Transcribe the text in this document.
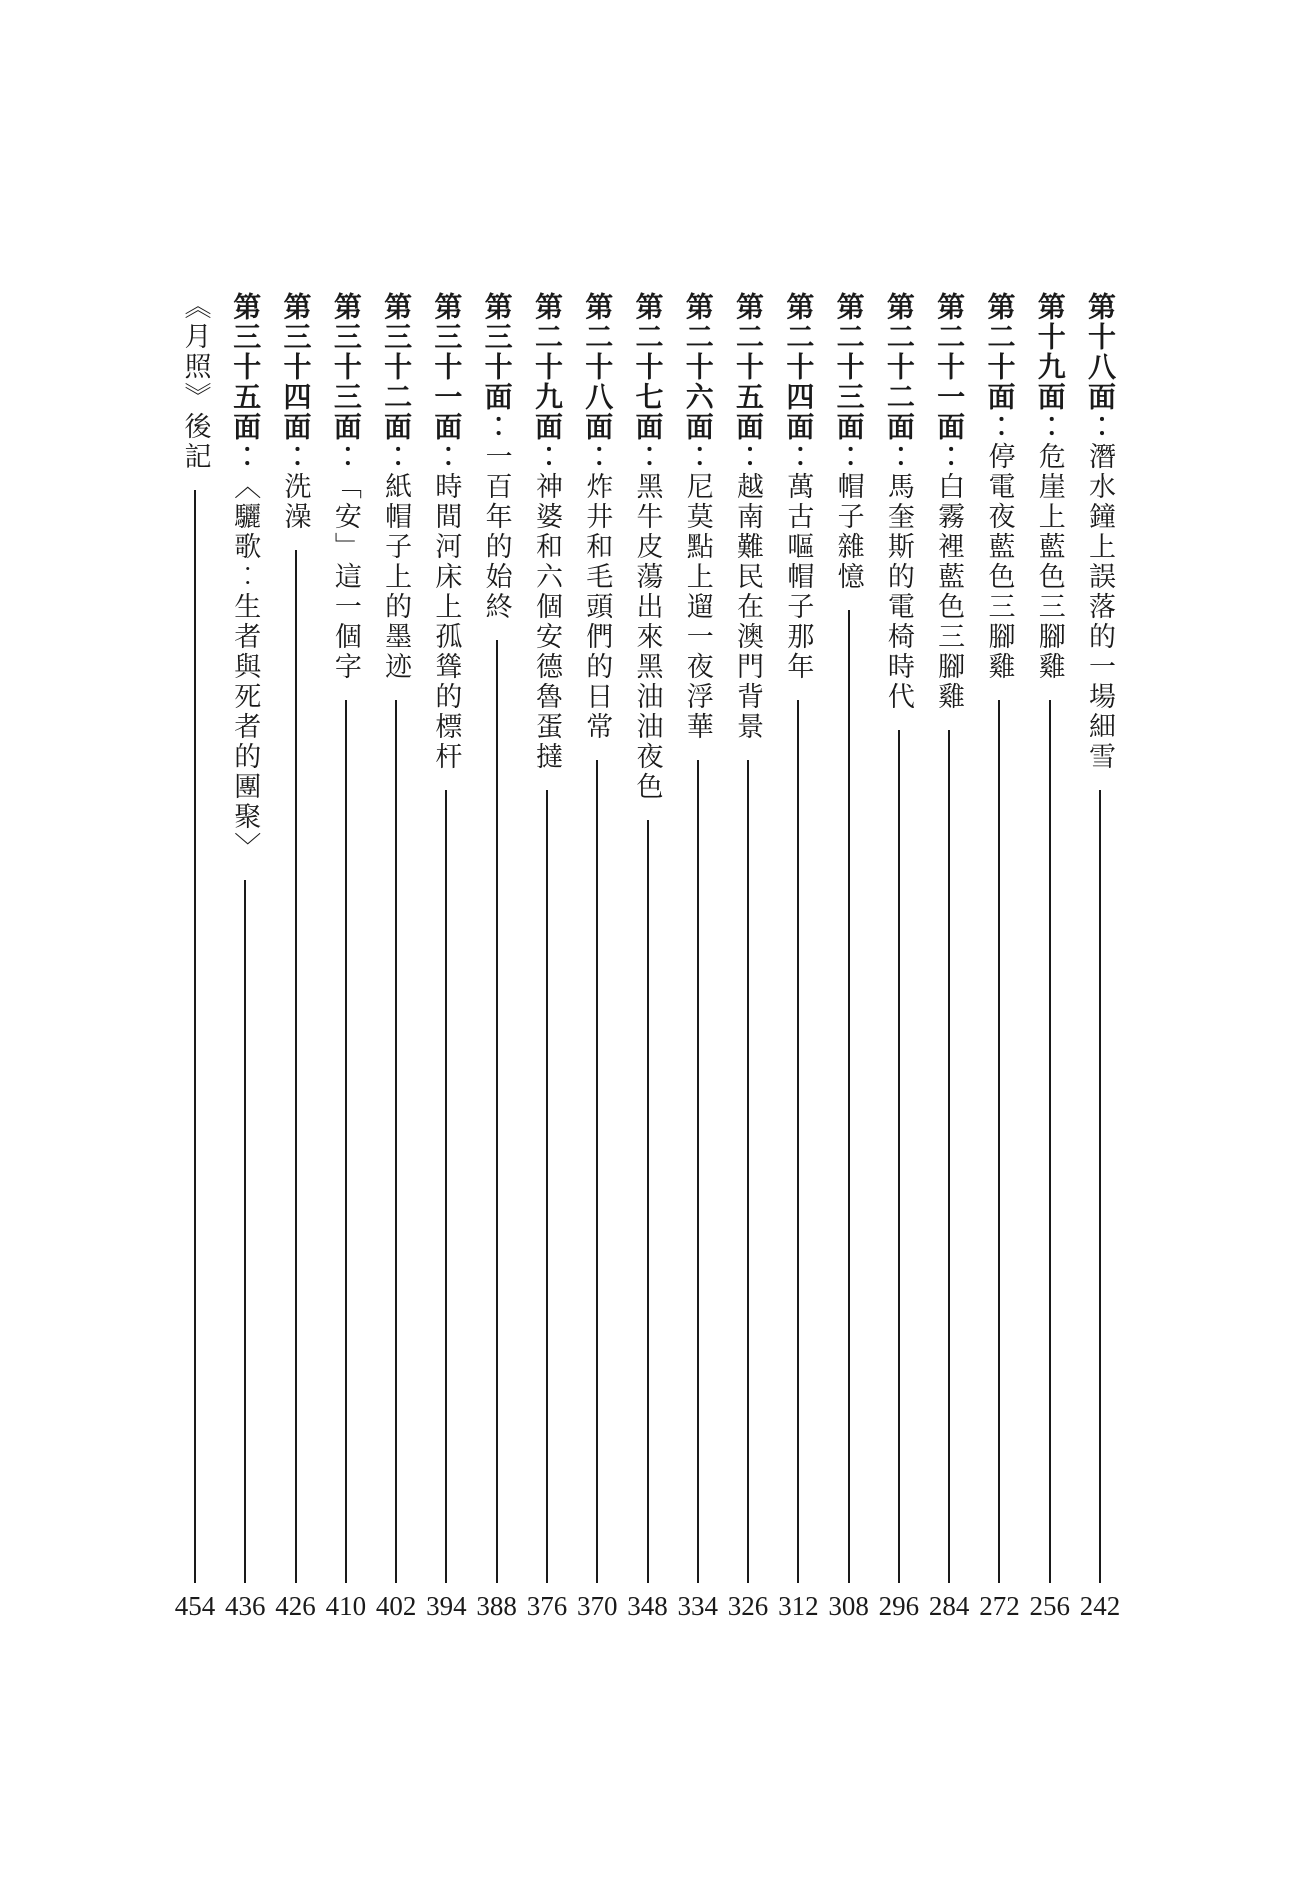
第十八面︰潛水鐘上誤落的一場細雪
242
第十九面︰危崖上藍色三腳雞
256
第二十面︰停電夜藍色三腳雞
272
第二十一面︰白霧裡藍色三腳雞
284
第二十二面︰馬奎斯的電椅時代
296
第二十三面︰帽子雜憶
308
第二十四面︰萬古嘔帽子那年
312
第二十五面︰越南難民在澳門背景
326
第二十六面︰尼莫點上遛一夜浮華
334
第二十七面︰黑牛皮蕩出來黑油油夜色
348
第二十八面︰炸井和毛頭們的日常
370
第二十九面︰神婆和六個安德魯蛋撻
376
第三十面︰一百年的始終
388
第三十一面︰時間河床上孤聳的標杆
394
第三十二面︰紙帽子上的墨迹
402
第三十三面︰﹁安﹂這一個字
410
第三十四面︰洗澡
426
第三十五面︰︿驪歌︰生者與死者的團聚﹀
436
︽月照︾後記
454
